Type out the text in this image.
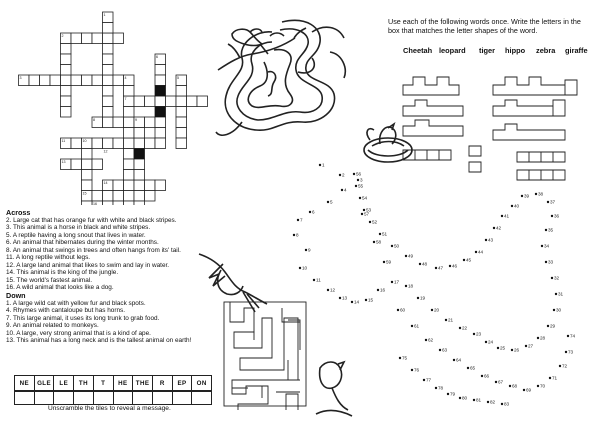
1
2
3	4	5
6
7
8	9
10
11
12
13
14
15
16
Across
2. Large cat that has orange fur with white and black stripes.
3. This animal is a horse in black and white stripes.
5. A reptile having a long snout that lives in water.
6. An animal that hibernates during the winter months.
8. An animal that swings in trees and often hangs from its' tail.
11. A long reptile without legs.
12. A large land animal that likes to swim and lay in water.
14. This animal is the king of the jungle.
15. The world's fastest animal.
16. A wild animal that looks like a dog.
Down
1. A large wild cat with yellow fur and black spots.
4. Rhymes with cantaloupe but has horns.
7. This large animal, it uses its long trunk to grab food.
9. An animal related to monkeys.
10. A large, very strong animal that is a kind of ape.
13. This animal has a long neck and is the tallest animal on earth!
NE	GLE	LE	TH	T	HE	THE	R	EP	ON
Unscramble the tiles to reveal a message.
Use each of the following words once. Write the letters in the box that matches the letter shapes of the word.
Cheetah leopard tiger hippo zebra giraffe
1
2
3
4
5
6
7
8
9
10
11
12
13
14 15
16
17
18
19
20
21
22
23
24
25 26
27
28
29
30
31
32
33
34
35
36
37
38
39
40
41
42
43
44
45
46
47
48
49
50
51
52
53
54
55
56
57
58
59
60
61
62
63
64
65
66
67
68
69
70
71
72
73
74
75
76
77
78
79
80 81 82 83
